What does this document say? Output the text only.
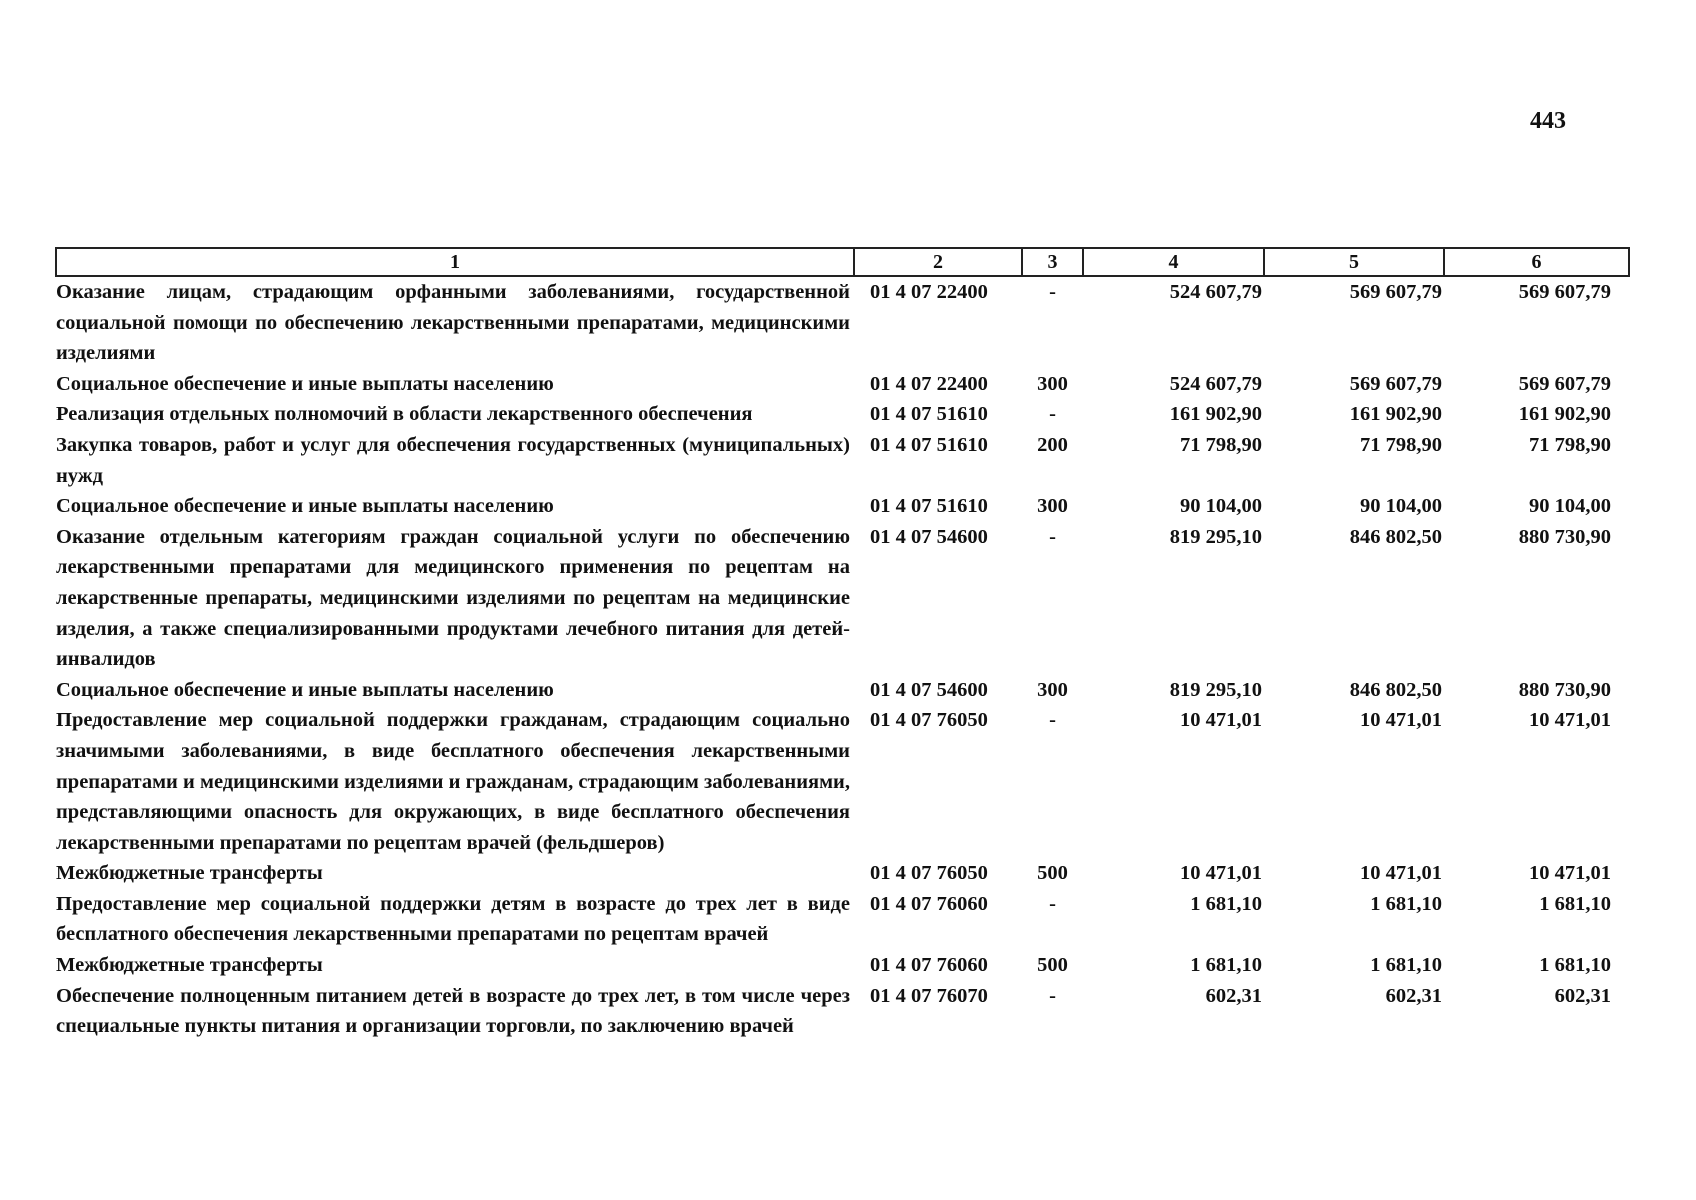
443
1	2	3	4	5	6
Оказание лицам, страдающим орфанными заболеваниями, государственной социальной помощи по обеспечению лекарственными препаратами, медицинскими изделиями	01 4 07 22400	-	524 607,79	569 607,79	569 607,79
Социальное обеспечение и иные выплаты населению	01 4 07 22400	300	524 607,79	569 607,79	569 607,79
Реализация отдельных полномочий в области лекарственного обеспечения	01 4 07 51610	-	161 902,90	161 902,90	161 902,90
Закупка товаров, работ и услуг для обеспечения государственных (муниципальных) нужд	01 4 07 51610	200	71 798,90	71 798,90	71 798,90
Социальное обеспечение и иные выплаты населению	01 4 07 51610	300	90 104,00	90 104,00	90 104,00
Оказание отдельным категориям граждан социальной услуги по обеспечению лекарственными препаратами для медицинского применения по рецептам на лекарственные препараты, медицинскими изделиями по рецептам на медицинские изделия, а также специализированными продуктами лечебного питания для детей-инвалидов	01 4 07 54600	-	819 295,10	846 802,50	880 730,90
Социальное обеспечение и иные выплаты населению	01 4 07 54600	300	819 295,10	846 802,50	880 730,90
Предоставление мер социальной поддержки гражданам, страдающим социально значимыми заболеваниями, в виде бесплатного обеспечения лекарственными препаратами и медицинскими изделиями и гражданам, страдающим заболеваниями, представляющими опасность для окружающих, в виде бесплатного обеспечения лекарственными препаратами по рецептам врачей (фельдшеров)	01 4 07 76050	-	10 471,01	10 471,01	10 471,01
Межбюджетные трансферты	01 4 07 76050	500	10 471,01	10 471,01	10 471,01
Предоставление мер социальной поддержки детям в возрасте до трех лет в виде бесплатного обеспечения лекарственными препаратами по рецептам врачей	01 4 07 76060	-	1 681,10	1 681,10	1 681,10
Межбюджетные трансферты	01 4 07 76060	500	1 681,10	1 681,10	1 681,10
Обеспечение полноценным питанием детей в возрасте до трех лет, в том числе через специальные пункты питания и организации торговли, по заключению врачей	01 4 07 76070	-	602,31	602,31	602,31
